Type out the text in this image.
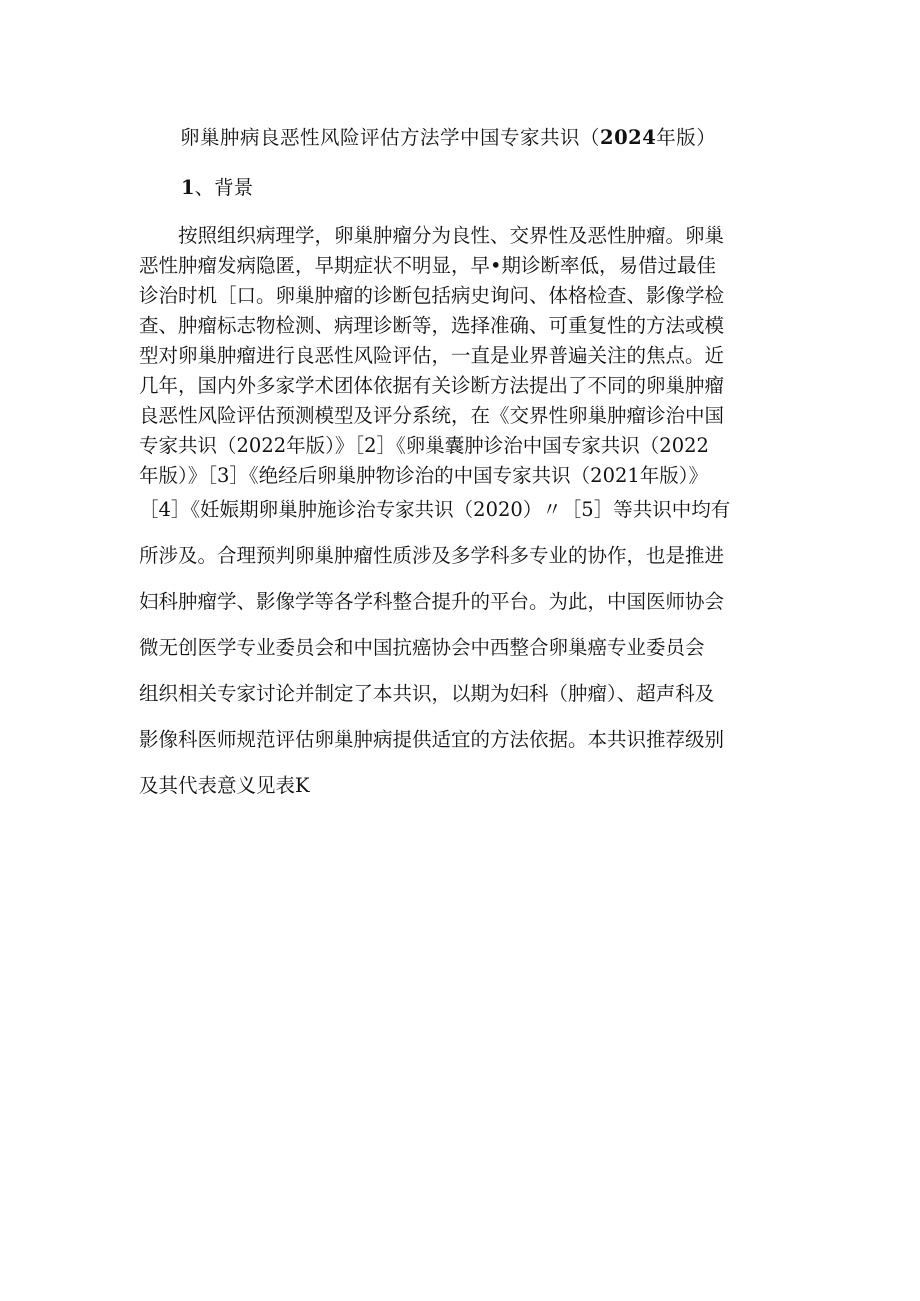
卵巢肿病良恶性风险评估方法学中国专家共识（2024年版）
1、背景
　　按照组织病理学，卵巢肿瘤分为良性、交界性及恶性肿瘤。卵巢
恶性肿瘤发病隐匿，早期症状不明显，早•期诊断率低，易借过最佳
诊治时机［口。卵巢肿瘤的诊断包括病史询问、体格检查、影像学检
查、肿瘤标志物检测、病理诊断等，选择准确、可重复性的方法或模
型对卵巢肿瘤进行良恶性风险评估，一直是业界普遍关注的焦点。近
几年，国内外多家学术团体依据有关诊断方法提出了不同的卵巢肿瘤
良恶性风险评估预测模型及评分系统，在《交界性卵巢肿瘤诊治中国
专家共识（2022年版）》［2］《卵巢囊肿诊治中国专家共识（2022
年版）》［3］《绝经后卵巢肿物诊治的中国专家共识（2021年版）》
［4］《妊娠期卵巢肿施诊治专家共识（2020）〃［5］等共识中均有
所涉及。合理预判卵巢肿瘤性质涉及多学科多专业的协作，也是推进
妇科肿瘤学、影像学等各学科整合提升的平台。为此，中国医师协会
微无创医学专业委员会和中国抗癌协会中西整合卵巢癌专业委员会
组织相关专家讨论并制定了本共识，以期为妇科（肿瘤）、超声科及
影像科医师规范评估卵巢肿病提供适宜的方法依据。本共识推荐级别
及其代表意义见表K
